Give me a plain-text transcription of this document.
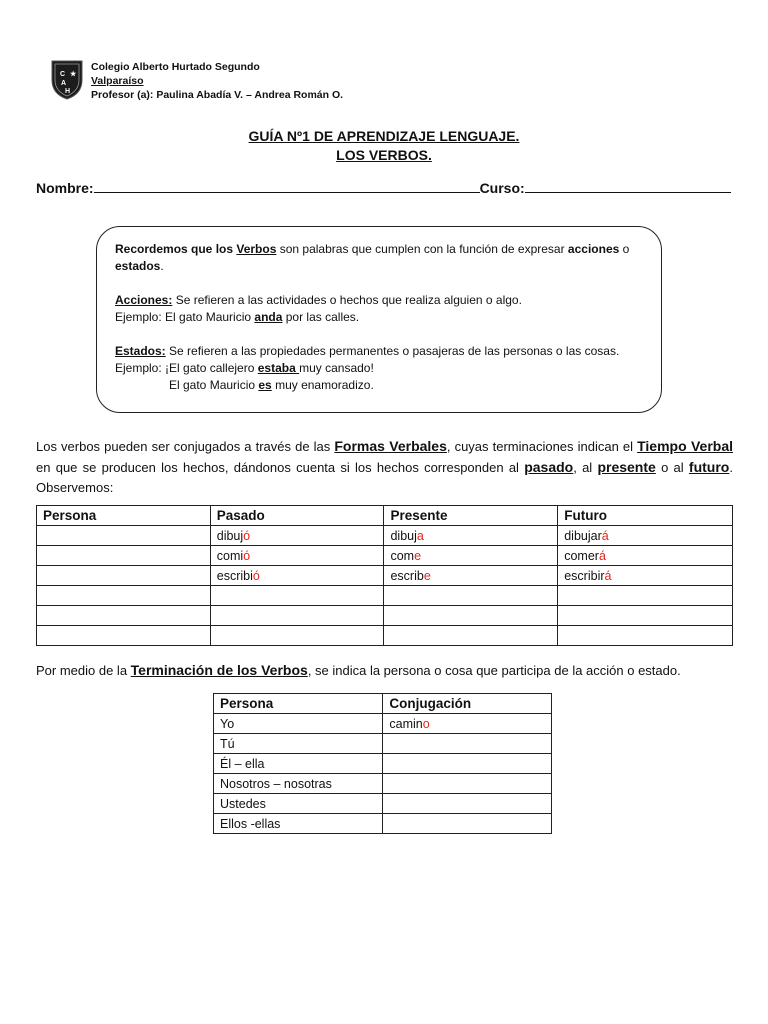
C ★
A
H
Colegio Alberto Hurtado Segundo
Valparaíso
Profesor (a): Paulina Abadía V. – Andrea Román O.
GUÍA Nº1 DE APRENDIZAJE LENGUAJE.
LOS VERBOS.
Nombre:	Curso:

Recordemos que los Verbos son palabras que cumplen con la función de expresar acciones o
estados.

Acciones: Se refieren a las actividades o hechos que realiza alguien o algo.

Ejemplo: El gato Mauricio anda por las calles.

Estados: Se refieren a las propiedades permanentes o pasajeras de las personas o las cosas.

Ejemplo: ¡El gato callejero estaba muy cansado!

El gato Mauricio es muy enamoradizo.

Los verbos pueden ser conjugados a través de las Formas Verbales, cuyas terminaciones indican el Tiempo Verbal en que se producen los hechos, dándonos cuenta si los hechos corresponden al pasado, al presente o al futuro. Observemos:
Persona	Pasado	Presente	Futuro
	dibujó	dibuja	dibujará
	comió	come	comerá
	escribió	escribe	escribirá

Por medio de la Terminación de los Verbos, se indica la persona o cosa que participa de la acción o estado.
Persona	Conjugación
Yo	camino
Tú	
Él – ella	
Nosotros – nosotras	
Ustedes	
Ellos -ellas	
